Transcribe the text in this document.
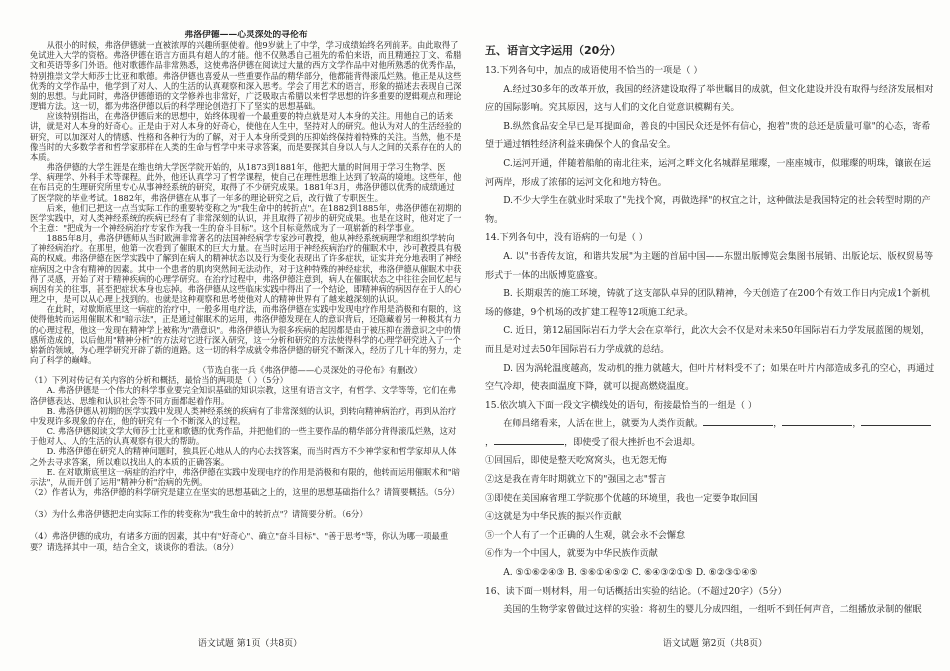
弗洛伊德——心灵深处的寻伦布

从很小的时候，弗洛伊德就一直被浓厚的兴趣所驱使着。他9岁就上了中学，学习成绩始终名列前茅。由此取得了免试进入大学的资格。弗洛伊德在语言方面具有超人的才能。他不仅熟悉自己祖先的希伯来语，而且精通拉丁文、希腊文和英语等多门外语。他对歌德作品非常熟悉，这使弗洛伊德在阅读过大量的西方文学作品中对他所熟悉的优秀作品，特别推崇文学大师莎士比亚和歌德。弗洛伊德也喜爱从一些重要作品的精华部分，他都能背得滚瓜烂熟。他正是从这些优秀的文学作品中，他学到了对人、人的生活的认真观察和深入思考。学会了用艺术的语言，形象的描述去表现自己深刻的思想。与此同时，弗洛伊德德语的文学修养也非常好，广泛吸取古希腊以来哲学思想的许多重要的逻辑观点和理论逻辑方法。这一切，都为弗洛伊德以后的科学理论创造打下了坚实的思想基础。

应该特别指出，在弗洛伊德后来的思想中，始终体现着一个最重要的特点就是对人本身的关注。用他自己的话来讲，就是对人本身的好奇心。正是由于对人本身的好奇心，使他在人生中，坚持对人的研究。他认为对人的生活经验的研究，可以加深对人的情感、性格和各种行为的了解，对于人本身所受到的压抑始终保持着特殊的关注。当然，他不是像当时的大多数学者和哲学家那样在人类的生命与哲学中来寻求答案，而是要探其自身以人与人之间的关系存在的人的本质。

弗洛伊德的大学生涯是在维也纳大学医学院开始的，从1873到1881年，他把大量的时间用于学习生物学、医学、病理学、外科手术等课程。此外，他还认真学习了哲学课程，使自己在理性思维上达到了较高的境地。这些年，他在布吕克的生理研究所里专心从事神经系统的研究，取得了不少研究成果。1881年3月，弗洛伊德以优秀的成绩通过了医学院的毕业考试。1882年，弗洛伊德在从事了一年多的理论研究之后，改行做了专职医生。

后来，他们已把这一点当实际工作的重要转变称之为"我生命中的转折点"。在1882到1885年，弗洛伊德在初期的医学实践中，对人类神经系统的疾病已经有了非常深刻的认识，并且取得了初步的研究成果。也是在这时，他对定了一个主意："把成为一个神经病治疗专家作为我一生的奋斗目标"。这个目标竟然成为了一项崭新的科学事业。

1885年8月，弗洛伊德师从当时欧洲非常著名的法国神经病学专家沙可教授，他从神经系统病理学和组织学转向了神经病治疗。在那里，他第一次看到了催眠术的巨大力量。在当时运用于神经疾病治疗的催眠术中，沙可教授具有极高的权威。弗洛伊德在医学实践中了解到在病人的精神状态以及行为变化表现出了许多症状，证实并充分地表明了神经症病因之中含有精神的因素。其中一个患者的肌肉突然间无法动作，对于这种特殊的神经症状，弗洛伊德从催眠术中获得了灵感，开始了对于精神疾病的心理学研究。在治疗过程中，弗洛伊德注意到，病人在催眠状态之中往往会回忆起与病因有关的往事，甚至把症状本身也忘掉。弗洛伊德从这些临床实践中得出了一个结论，即精神病的病因存在于人的心理之中，是可以从心理上找到的。也就是这种观察和思考使他对人的精神世界有了越来越深刻的认识。

在此时，对歇斯底里这一病症的治疗中，一般多用电疗法，而弗洛伊德在实践中发现电疗作用是消极和有限的，这使得他转而运用催眠术和"暗示法"，正是通过催眠术的运用，弗洛伊德发现在人的意识背后，还隐藏着另一种极其有力的心理过程，他这一发现在精神学上被称为"潜意识"。弗洛伊德认为很多疾病的起因都是由于被压抑在潜意识之中的情感所造成的，以后他用"精神分析"的方法对它进行深入研究，这一分析和研究的方法使得科学的心理学研究进入了一个崭新的领域，为心理学研究开辟了新的道路。这一切的科学成就令弗洛伊德的研究不断深入，经历了几十年的努力，走向了科学的巅峰。

（节选自张一兵《弗洛伊德——心灵深处的寻伦布》有删改）

（1）下列对传记有关内容的分析和概括，最恰当的两项是（ ）（5分）

A. 弗洛伊德是一个伟大的科学事业要完全知识基础的知识宗教，这里有语言文字，有哲学、文学等等，它们在弗洛伊德表达、思维和认识社会等不同方面都起着作用。

B. 弗洛伊德从初期的医学实践中发现人类神经系统的疾病有了非常深刻的认识，到转向精神病治疗，再到从治疗中发现许多现象的存在，他的研究有一个不断深入的过程。

C. 弗洛伊德阅读文学大师莎士比亚和歌德的优秀作品，并把他们的一些主要作品的精华部分背得滚瓜烂熟，这对于他对人、人的生活的认真观察有很大的帮助。

D. 弗洛伊德在研究人的精神问题时，独具匠心地从人的内心去找答案，而当时西方不少神学家和哲学家却从人体之外去寻求答案，所以难以找出人的本质的正确答案。

E. 在对歇斯底里这一病症的治疗中，弗洛伊德在实践中发现电疗的作用是消极和有限的，他转而运用催眠术和"暗示法"，从而开创了运用"精神分析"治病的先例。

（2）作者认为，弗洛伊德的科学研究是建立在坚实的思想基础之上的，这里的思想基础指什么？请简要概括。（5分）

（3）为什么弗洛伊德把走向实际工作的转变称为"我生命中的转折点"？请简要分析。（6分）

（4）弗洛伊德的成功，有诸多方面的因素，其中有"好奇心"、确立"奋斗目标"、"善于思考"等，你认为哪一项最重要？请选择其中一项，结合全文，谈谈你的看法。（8分）

语文试题 第1页（共8页）

五、语言文字运用（20分）

13.下列各句中，加点的成语使用不恰当的一项是（ ）

A.经过30多年的改革开放，我国的经济建设取得了举世瞩目的成就，但文化建设并没有取得与经济发展相对应的国际影响。究其原因，这与人们的文化自觉意识模糊有关。

B.纵然食品安全早已是耳提面命，善良的中国民众还是怀有信心，抱着"贵的总还是质量可靠"的心态，寄希望于通过牺牲经济利益来确保个人的食品安全。

C.运河开通，伴随着船舶的南北往来，运河之畔文化名城群星璀璨，一座座城市，似璀璨的明珠，镶嵌在运河两岸，形成了浓郁的运河文化和地方特色。

D.不少大学生在就业时采取了"先找个窝，再做选择"的权宜之计，这种做法是我国特定的社会转型时期的产物。

14.下列各句中，没有语病的一句是（ ）

A. 以"书香传友谊，和谐共发展"为主题的首届中国——东盟出版博览会集图书展销、出版论坛、版权贸易等形式于一体的出版博览盛宴。

B. 长期艰苦的施工环境，铸就了这支部队卓异的团队精神，今天创造了在200个有效工作日内完成1个新机场的修建，9个机场的改扩建工程等12项施工纪录。

C. 近日，第12届国际岩石力学大会在京举行，此次大会不仅是对未来50年国际岩石力学发展蓝图的规划，而且是对过去50年国际岩石力学成就的总结。

D. 因为涡轮温度越高，发动机的推力就越大，但叶片材料受不了；如果在叶片内部造成多孔的空心，再通过空气冷却，使表面温度下降，就可以提高燃烧温度。

15.依次填入下面一段文字横线处的语句，衔接最恰当的一组是（ ）

在师昌绪看来，人活在世上，就要为人类作贡献。	，	，，	，即使受了很大挫折也不会退却。

①回国后，即使是整天吃窝窝头，也无怨无悔

②这是我在青年时期就立下的"强国之志"誓言

③即使在美国麻省理工学院那个优越的环境里，我也一定要争取回国

④这就是为中华民族的振兴作贡献

⑤一个人有了一个正确的人生观，就会永不会懈怠

⑥作为一个中国人，就要为中华民族作贡献

A. ⑤①⑥②④③ B. ⑤⑥①④⑤② C. ⑥④③②①⑤ D. ⑥②③①④⑤

16、读下面一则材料，用一句话概括出实验的结论。（不超过20字）（5分）

美国的生物学家曾做过这样的实验：将初生的婴儿分成四组，一组听不到任何声音，二组播放录制的催眠

语文试题 第2页（共8页）
